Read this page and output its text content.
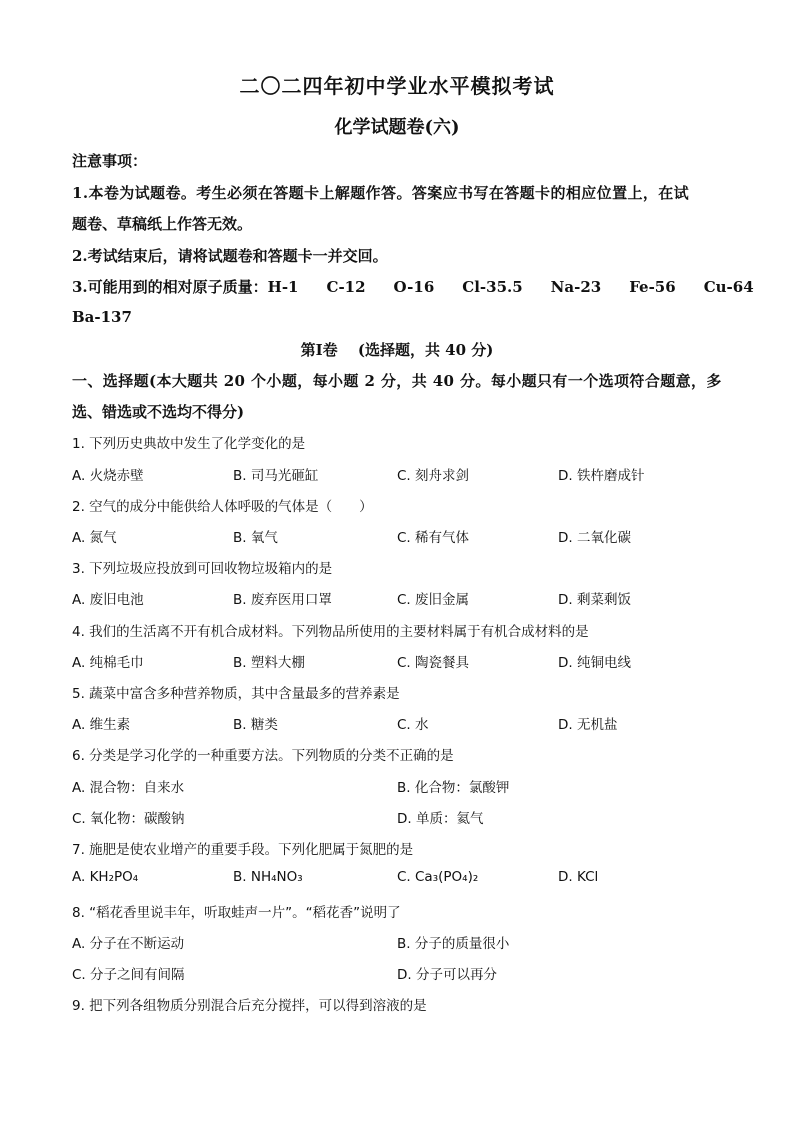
二〇二四年初中学业水平模拟考试
化学试题卷(六)
注意事项：
1.本卷为试题卷。考生必须在答题卡上解题作答。答案应书写在答题卡的相应位置上，在试
题卷、草稿纸上作答无效。
2.考试结束后，请将试题卷和答题卡一并交回。
3.可能用到的相对原子质量：H-1 C-12 O-16 Cl-35.5 Na-23 Fe-56 Cu-64
Ba-137
第Ⅰ卷　 (选择题，共 40 分)
一、选择题(本大题共 20 个小题，每小题 2 分，共 40 分。每小题只有一个选项符合题意，多
选、错选或不选均不得分)
1. 下列历史典故中发生了化学变化的是
A. 火烧赤壁	B. 司马光砸缸	C. 刻舟求剑	D. 铁杵磨成针
2. 空气的成分中能供给人体呼吸的气体是（　　）
A. 氮气	B. 氧气	C. 稀有气体	D. 二氧化碳
3. 下列垃圾应投放到可回收物垃圾箱内的是
A. 废旧电池	B. 废弃医用口罩	C. 废旧金属	D. 剩菜剩饭
4. 我们的生活离不开有机合成材料。下列物品所使用的主要材料属于有机合成材料的是
A. 纯棉毛巾	B. 塑料大棚	C. 陶瓷餐具	D. 纯铜电线
5. 蔬菜中富含多种营养物质，其中含量最多的营养素是
A. 维生素	B. 糖类	C. 水	D. 无机盐
6. 分类是学习化学的一种重要方法。下列物质的分类不正确的是
A. 混合物：自来水	B. 化合物：氯酸钾
C. 氧化物：碳酸钠	D. 单质：氦气
7. 施肥是使农业增产的重要手段。下列化肥属于氮肥的是
A. KH₂PO₄	B. NH₄NO₃	C. Ca₃(PO₄)₂	D. KCl
8. “稻花香里说丰年，听取蛙声一片”。“稻花香”说明了
A. 分子在不断运动	B. 分子的质量很小
C. 分子之间有间隔	D. 分子可以再分
9. 把下列各组物质分别混合后充分搅拌，可以得到溶液的是
